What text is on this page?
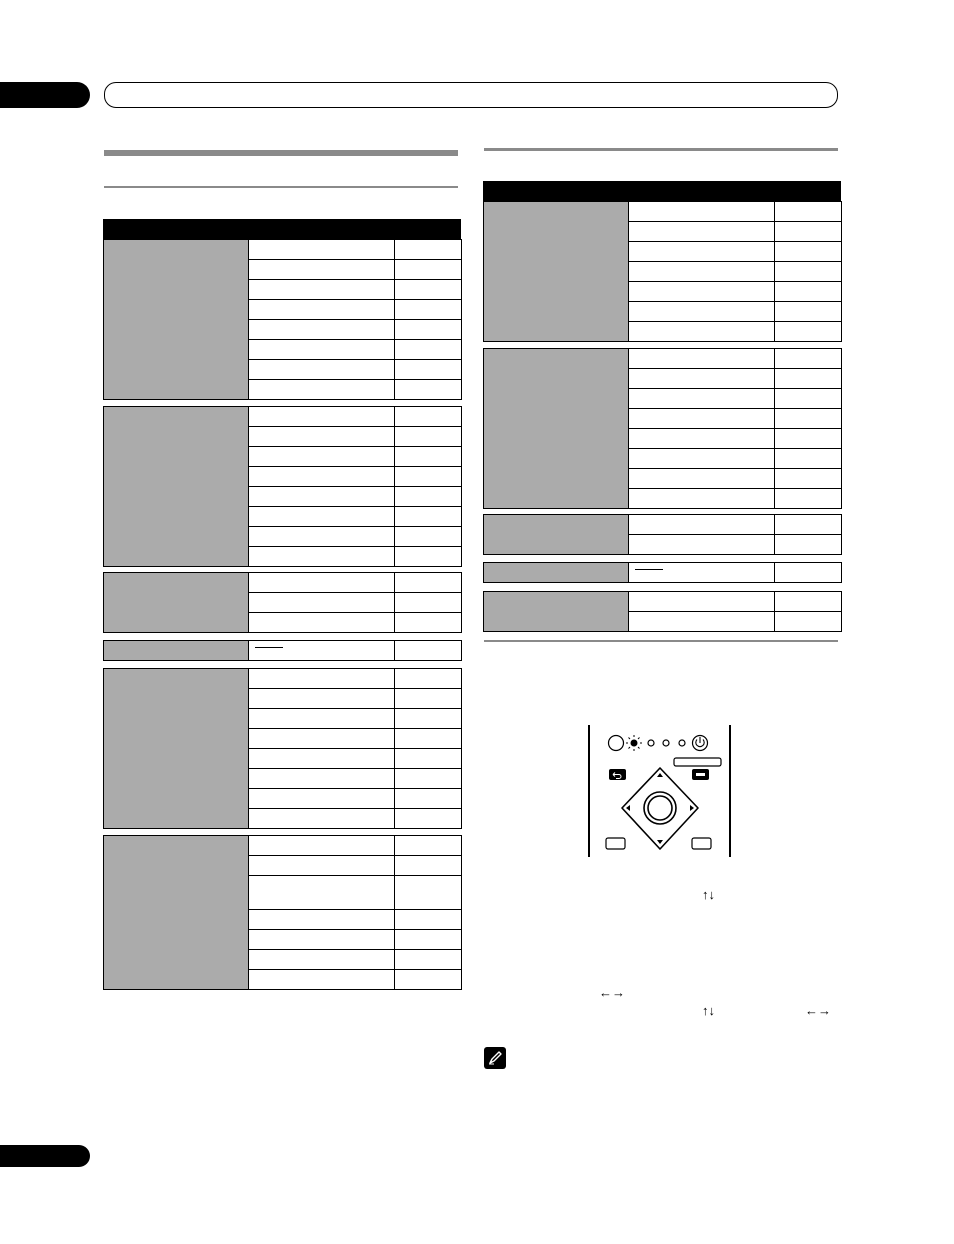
↑↓
←→
↑↓	←→
